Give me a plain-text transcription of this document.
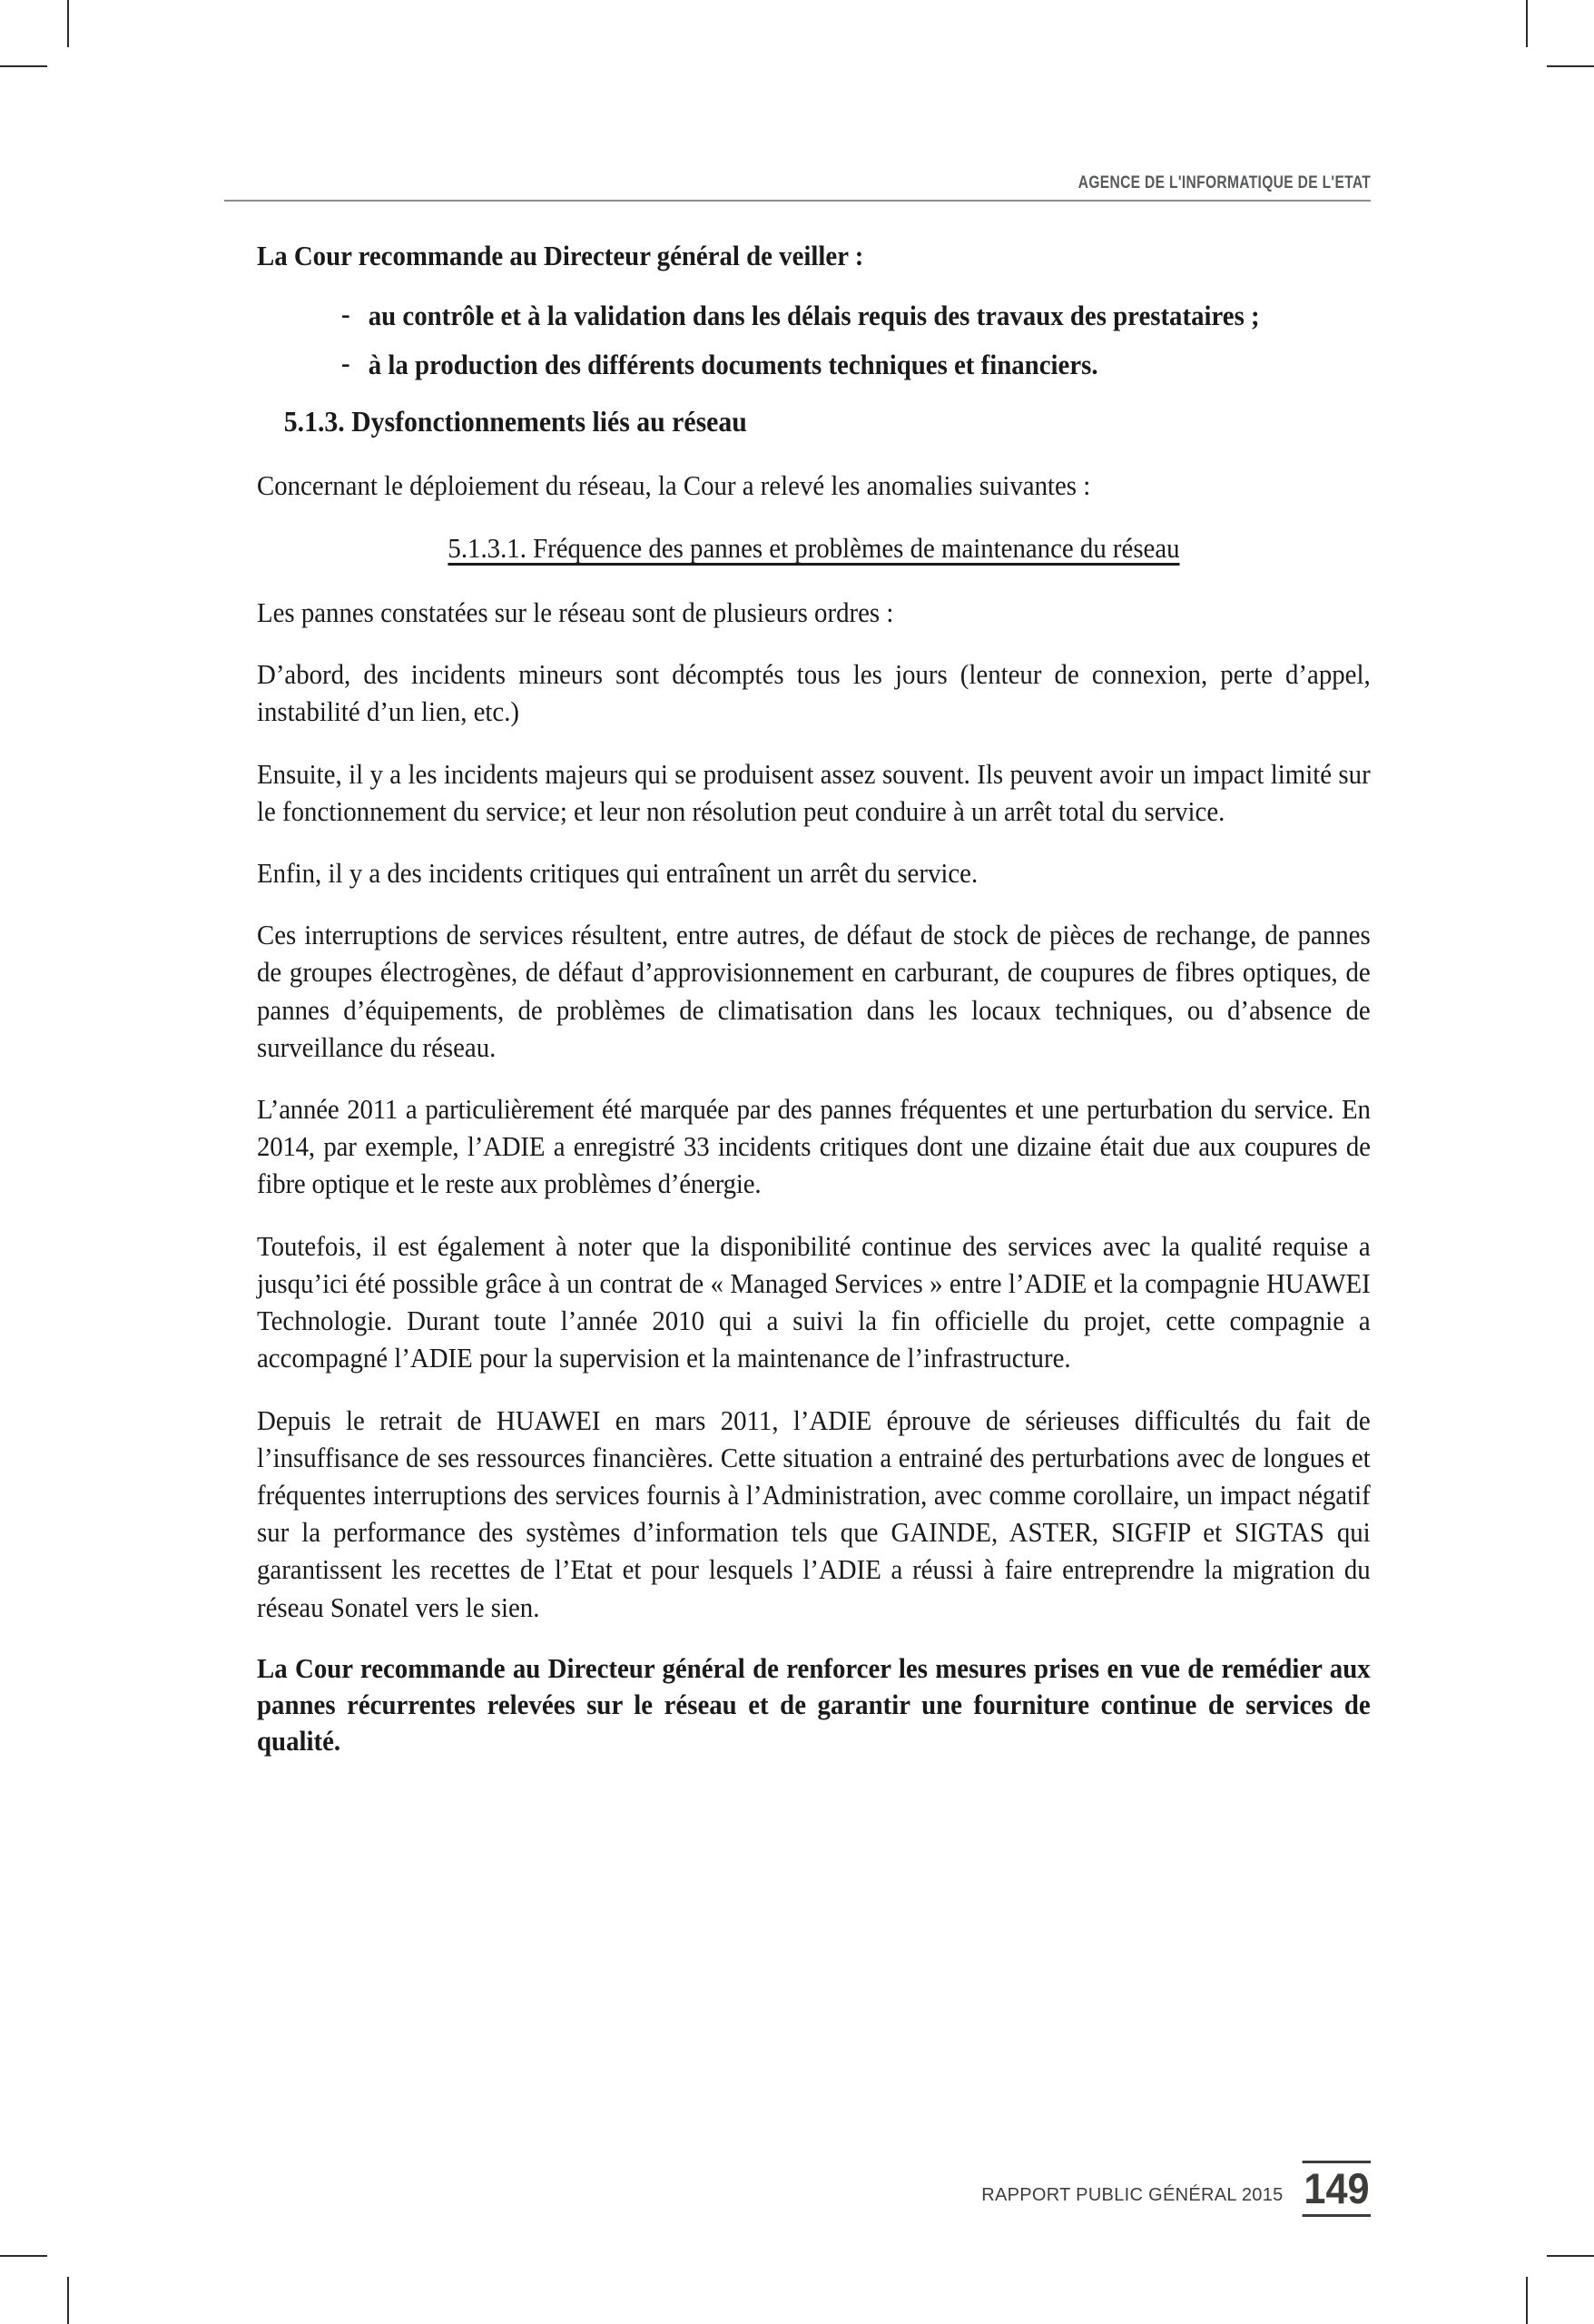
AGENCE DE L'INFORMATIQUE DE L'ETAT

La Cour recommande au Directeur général de veiller :

- au contrôle et à la validation dans les délais requis des travaux des prestataires ;
- à la production des différents documents techniques et financiers.
5.1.3. Dysfonctionnements liés au réseau

Concernant le déploiement du réseau, la Cour a relevé les anomalies suivantes :

5.1.3.1. Fréquence des pannes et problèmes de maintenance du réseau

Les pannes constatées sur le réseau sont de plusieurs ordres :

D’abord, des incidents mineurs sont décomptés tous les jours (lenteur de connexion, perte d’appel, instabilité d’un lien, etc.)

Ensuite, il y a les incidents majeurs qui se produisent assez souvent. Ils peuvent avoir un impact limité sur le fonctionnement du service; et leur non résolution peut conduire à un arrêt total du service.

Enfin, il y a des incidents critiques qui entraînent un arrêt du service.

Ces interruptions de services résultent, entre autres, de défaut de stock de pièces de rechange, de pannes de groupes électrogènes, de défaut d’approvisionnement en carburant, de coupures de fibres optiques, de pannes d’équipements, de problèmes de climatisation dans les locaux techniques, ou d’absence de surveillance du réseau.

L’année 2011 a particulièrement été marquée par des pannes fréquentes et une perturbation du service. En 2014, par exemple, l’ADIE a enregistré 33 incidents critiques dont une dizaine était due aux coupures de fibre optique et le reste aux problèmes d’énergie.

Toutefois, il est également à noter que la disponibilité continue des services avec la qualité requise a jusqu’ici été possible grâce à un contrat de « Managed Services » entre l’ADIE et la compagnie HUAWEI Technologie. Durant toute l’année 2010 qui a suivi la fin officielle du projet, cette compagnie a accompagné l’ADIE pour la supervision et la maintenance de l’infrastructure.

Depuis le retrait de HUAWEI en mars 2011, l’ADIE éprouve de sérieuses difficultés du fait de l’insuffisance de ses ressources financières. Cette situation a entrainé des perturbations avec de longues et fréquentes interruptions des services fournis à l’Administration, avec comme corollaire, un impact négatif sur la performance des systèmes d’information tels que GAINDE, ASTER, SIGFIP et SIGTAS qui garantissent les recettes de l’Etat et pour lesquels l’ADIE a réussi à faire entreprendre la migration du réseau Sonatel vers le sien.

La Cour recommande au Directeur général de renforcer les mesures prises en vue de remédier aux pannes récurrentes relevées sur le réseau et de garantir une fourniture continue de services de qualité.

RAPPORT PUBLIC GÉNÉRAL 2015 149
